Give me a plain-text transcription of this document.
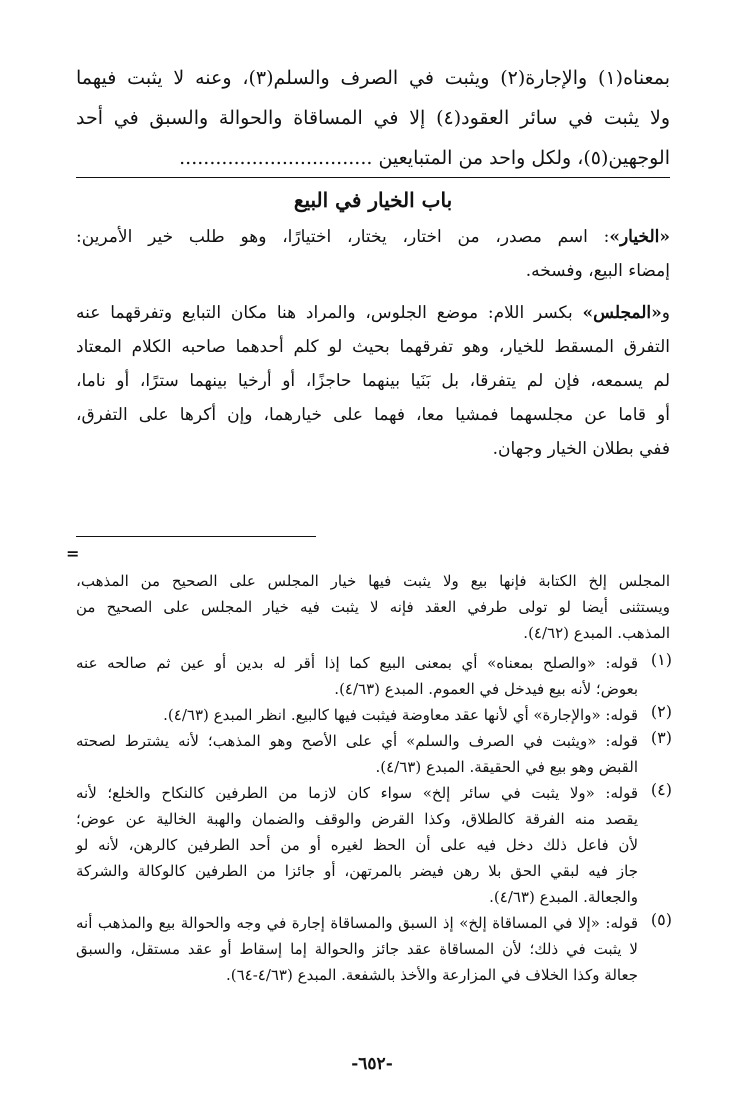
بمعناه(١) والإجارة(٢) ويثبت في الصرف والسلم(٣)، وعنه لا يثبت فيهما
ولا يثبت في سائر العقود(٤) إلا في المساقاة والحوالة والسبق في أحد
الوجهين(٥)، ولكل واحد من المتبايعين ................................
باب الخيار في البيع
«الخيار»: اسم مصدر، من اختار، يختار، اختيارًا، وهو طلب خير الأمرين:
إمضاء البيع، وفسخه.
و«المجلس» بكسر اللام: موضع الجلوس، والمراد هنا مكان التبايع وتفرقهما عنه
التفرق المسقط للخيار، وهو تفرقهما بحيث لو كلم أحدهما صاحبه الكلام المعتاد
لم يسمعه، فإن لم يتفرقا، بل بَنَيا بينهما حاجزًا، أو أرخيا بينهما سترًا، أو ناما،
أو قاما عن مجلسهما فمشيا معا، فهما على خيارهما، وإن أكرها على التفرق،
ففي بطلان الخيار وجهان.
=
المجلس إلخ الكتابة فإنها بيع ولا يثبت فيها خيار المجلس على الصحيح من المذهب،
ويستثنى أيضا لو تولى طرفي العقد فإنه لا يثبت فيه خيار المجلس على الصحيح من
المذهب. المبدع (٤/٦٢).
(١)
قوله: «والصلح بمعناه» أي بمعنى البيع كما إذا أقر له بدين أو عين ثم صالحه عنه
بعوض؛ لأنه بيع فيدخل في العموم. المبدع (٤/٦٣).
(٢)
قوله: «والإجارة» أي لأنها عقد معاوضة فيثبت فيها كالبيع. انظر المبدع (٤/٦٣).
(٣)
قوله: «ويثبت في الصرف والسلم» أي على الأصح وهو المذهب؛ لأنه يشترط لصحته
القبض وهو بيع في الحقيقة. المبدع (٤/٦٣).
(٤)
قوله: «ولا يثبت في سائر إلخ» سواء كان لازما من الطرفين كالنكاح والخلع؛ لأنه
يقصد منه الفرقة كالطلاق، وكذا القرض والوقف والضمان والهبة الخالية عن عوض؛
لأن فاعل ذلك دخل فيه على أن الحظ لغيره أو من أحد الطرفين كالرهن، لأنه لو
جاز فيه لبقي الحق بلا رهن فيضر بالمرتهن، أو جائزا من الطرفين كالوكالة والشركة
والجعالة. المبدع (٤/٦٣).
(٥)
قوله: «إلا في المساقاة إلخ» إذ السبق والمساقاة إجارة في وجه والحوالة بيع والمذهب أنه
لا يثبت في ذلك؛ لأن المساقاة عقد جائز والحوالة إما إسقاط أو عقد مستقل، والسبق
جعالة وكذا الخلاف في المزارعة والأخذ بالشفعة. المبدع (٤/٦٣-٦٤).
-٦٥٢-
